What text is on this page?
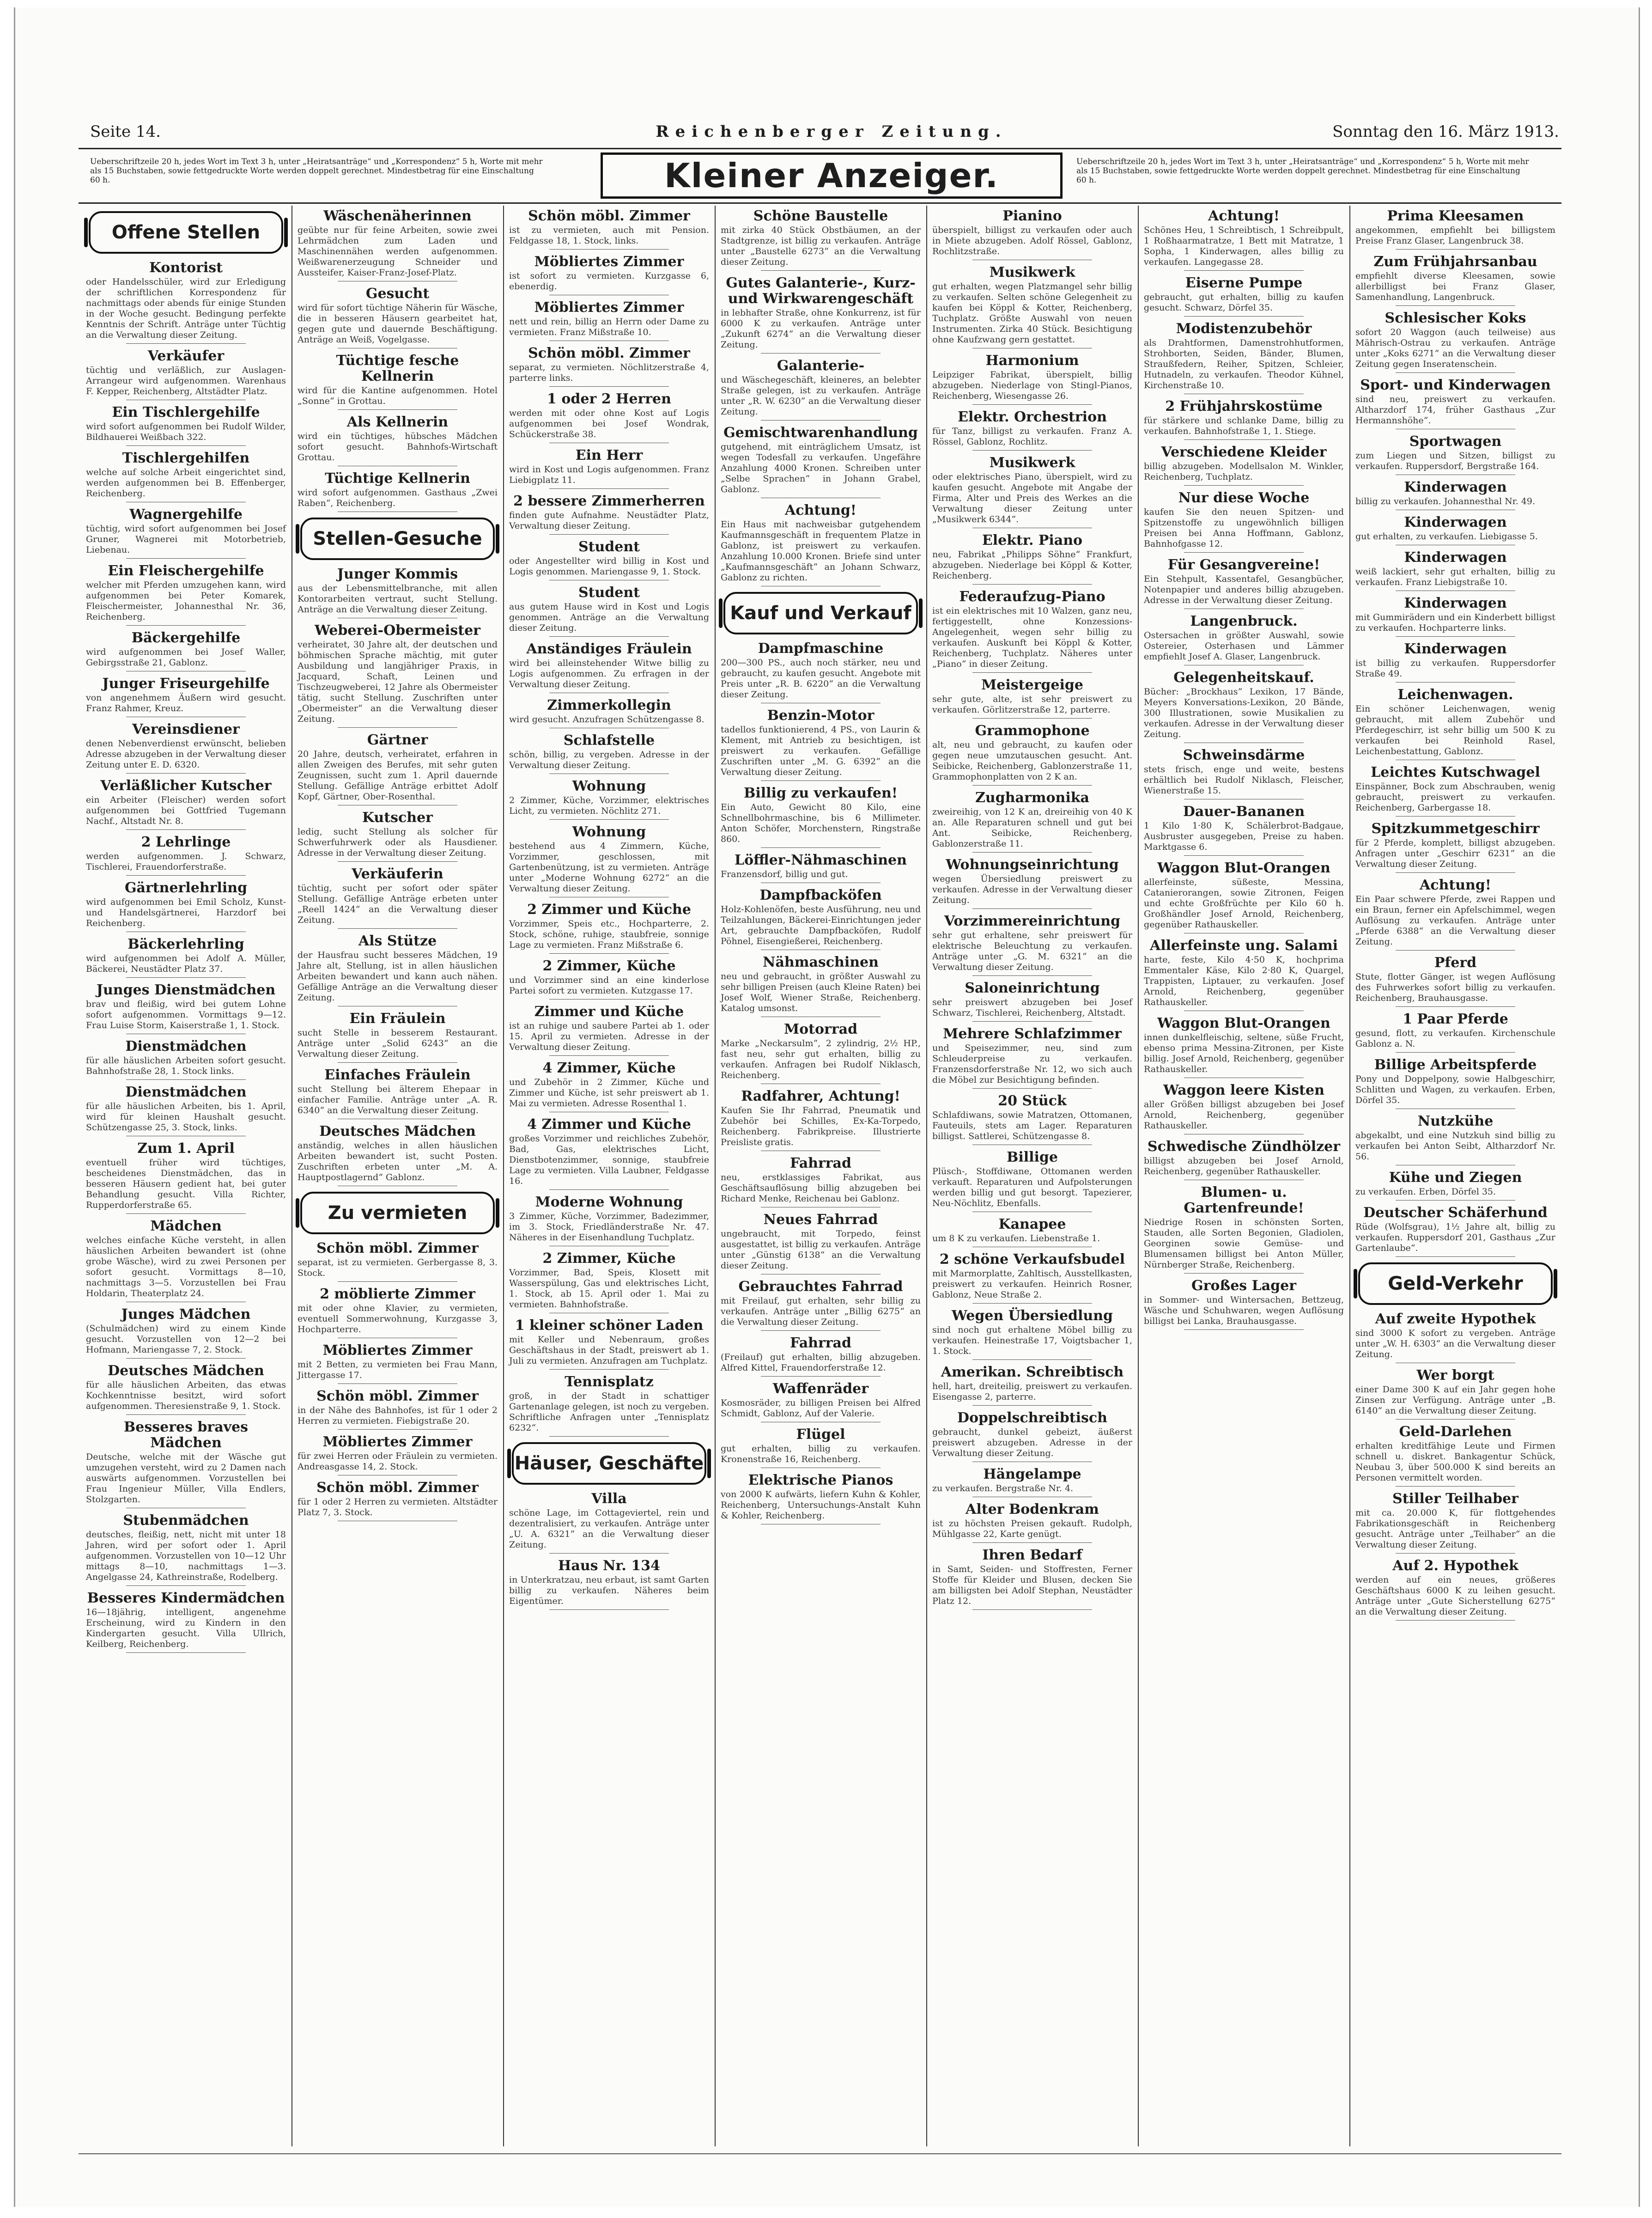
Seite 14.	Reichenberger Zeitung.	Sonntag den 16. März 1913.
Ueberschriftzeile 20 h, jedes Wort im Text 3 h, unter „Heiratsanträge“ und „Korrespondenz“ 5 h, Worte mit mehr als 15 Buchstaben, sowie fettgedruckte Worte werden doppelt gerechnet. Mindestbetrag für eine Einschaltung 60 h.	Kleiner Anzeiger.	Ueberschriftzeile 20 h, jedes Wort im Text 3 h, unter „Heiratsanträge“ und „Korrespondenz“ 5 h, Worte mit mehr als 15 Buchstaben, sowie fettgedruckte Worte werden doppelt gerechnet. Mindestbetrag für eine Einschaltung 60 h.
Offene Stellen
Kontorist

oder Handelsschüler, wird zur Erledigung der schriftlichen Korrespondenz für nachmittags oder abends für einige Stunden in der Woche gesucht. Bedingung perfekte Kenntnis der Schrift. Anträge unter Tüchtig an die Verwaltung dieser Zeitung.

Verkäufer

tüchtig und verläßlich, zur Auslagen-Arrangeur wird aufgenommen. Warenhaus F. Kepper, Reichenberg, Altstädter Platz.

Ein Tischlergehilfe

wird sofort aufgenommen bei Rudolf Wilder, Bildhauerei Weißbach 322.

Tischlergehilfen

welche auf solche Arbeit eingerichtet sind, werden aufgenommen bei B. Effenberger, Reichenberg.

Wagnergehilfe

tüchtig, wird sofort aufgenommen bei Josef Gruner, Wagnerei mit Motorbetrieb, Liebenau.

Ein Fleischergehilfe

welcher mit Pferden umzugehen kann, wird aufgenommen bei Peter Komarek, Fleischermeister, Johannesthal Nr. 36, Reichenberg.

Bäckergehilfe

wird aufgenommen bei Josef Waller, Gebirgsstraße 21, Gablonz.

Junger Friseurgehilfe

von angenehmem Äußern wird gesucht. Franz Rahmer, Kreuz.

Vereinsdiener

denen Nebenverdienst erwünscht, belieben Adresse abzugeben in der Verwaltung dieser Zeitung unter E. D. 6320.

Verläßlicher Kutscher

ein Arbeiter (Fleischer) werden sofort aufgenommen bei Gottfried Tugemann Nachf., Altstadt Nr. 8.

2 Lehrlinge

werden aufgenommen. J. Schwarz, Tischlerei, Frauendorferstraße.

Gärtnerlehrling

wird aufgenommen bei Emil Scholz, Kunst- und Handelsgärtnerei, Harzdorf bei Reichenberg.

Bäckerlehrling

wird aufgenommen bei Adolf A. Müller, Bäckerei, Neustädter Platz 37.

Junges Dienstmädchen

brav und fleißig, wird bei gutem Lohne sofort aufgenommen. Vormittags 9—12. Frau Luise Storm, Kaiserstraße 1, 1. Stock.

Dienstmädchen

für alle häuslichen Arbeiten sofort gesucht. Bahnhofstraße 28, 1. Stock links.

Dienstmädchen

für alle häuslichen Arbeiten, bis 1. April, wird für kleinen Haushalt gesucht. Schützengasse 25, 3. Stock, links.

Zum 1. April

eventuell früher wird tüchtiges, bescheidenes Dienstmädchen, das in besseren Häusern gedient hat, bei guter Behandlung gesucht. Villa Richter, Rupperdorferstraße 65.

Mädchen

welches einfache Küche versteht, in allen häuslichen Arbeiten bewandert ist (ohne grobe Wäsche), wird zu zwei Personen per sofort gesucht. Vormittags 8—10, nachmittags 3—5. Vorzustellen bei Frau Holdarin, Theaterplatz 24.

Junges Mädchen

(Schulmädchen) wird zu einem Kinde gesucht. Vorzustellen von 12—2 bei Hofmann, Mariengasse 7, 2. Stock.

Deutsches Mädchen

für alle häuslichen Arbeiten, das etwas Kochkenntnisse besitzt, wird sofort aufgenommen. Theresienstraße 9, 1. Stock.

Besseres braves Mädchen

Deutsche, welche mit der Wäsche gut umzugehen versteht, wird zu 2 Damen nach auswärts aufgenommen. Vorzustellen bei Frau Ingenieur Müller, Villa Endlers, Stolzgarten.

Stubenmädchen

deutsches, fleißig, nett, nicht mit unter 18 Jahren, wird per sofort oder 1. April aufgenommen. Vorzustellen von 10—12 Uhr mittags 8—10, nachmittags 1—3. Angelgasse 24, Kathreinstraße, Rodelberg.

Besseres Kindermädchen

16—18jährig, intelligent, angenehme Erscheinung, wird zu Kindern in den Kindergarten gesucht. Villa Ullrich, Keilberg, Reichenberg.

Wäschenäherinnen

geübte nur für feine Arbeiten, sowie zwei Lehrmädchen zum Laden und Maschinennähen werden aufgenommen. Weißwarenerzeugung Schneider und Aussteifer, Kaiser-Franz-Josef-Platz.

Gesucht

wird für sofort tüchtige Näherin für Wäsche, die in besseren Häusern gearbeitet hat, gegen gute und dauernde Beschäftigung. Anträge an Weiß, Vogelgasse.

Tüchtige fesche Kellnerin

wird für die Kantine aufgenommen. Hotel „Sonne“ in Grottau.

Als Kellnerin

wird ein tüchtiges, hübsches Mädchen sofort gesucht. Bahnhofs-Wirtschaft Grottau.

Tüchtige Kellnerin

wird sofort aufgenommen. Gasthaus „Zwei Raben“, Reichenberg.

Stellen-Gesuche
Junger Kommis

aus der Lebensmittelbranche, mit allen Kontorarbeiten vertraut, sucht Stellung. Anträge an die Verwaltung dieser Zeitung.

Weberei-Obermeister

verheiratet, 30 Jahre alt, der deutschen und böhmischen Sprache mächtig, mit guter Ausbildung und langjähriger Praxis, in Jacquard, Schaft, Leinen und Tischzeugweberei, 12 Jahre als Obermeister tätig, sucht Stellung. Zuschriften unter „Obermeister“ an die Verwaltung dieser Zeitung.

Gärtner

20 Jahre, deutsch, verheiratet, erfahren in allen Zweigen des Berufes, mit sehr guten Zeugnissen, sucht zum 1. April dauernde Stellung. Gefällige Anträge erbittet Adolf Kopf, Gärtner, Ober-Rosenthal.

Kutscher

ledig, sucht Stellung als solcher für Schwerfuhrwerk oder als Hausdiener. Adresse in der Verwaltung dieser Zeitung.

Verkäuferin

tüchtig, sucht per sofort oder später Stellung. Gefällige Anträge erbeten unter „Reell 1424“ an die Verwaltung dieser Zeitung.

Als Stütze

der Hausfrau sucht besseres Mädchen, 19 Jahre alt, Stellung, ist in allen häuslichen Arbeiten bewandert und kann auch nähen. Gefällige Anträge an die Verwaltung dieser Zeitung.

Ein Fräulein

sucht Stelle in besserem Restaurant. Anträge unter „Solid 6243“ an die Verwaltung dieser Zeitung.

Einfaches Fräulein

sucht Stellung bei älterem Ehepaar in einfacher Familie. Anträge unter „A. R. 6340“ an die Verwaltung dieser Zeitung.

Deutsches Mädchen

anständig, welches in allen häuslichen Arbeiten bewandert ist, sucht Posten. Zuschriften erbeten unter „M. A. Hauptpostlagernd“ Gablonz.

Zu vermieten
Schön möbl. Zimmer

separat, ist zu vermieten. Gerbergasse 8, 3. Stock.

2 möblierte Zimmer

mit oder ohne Klavier, zu vermieten, eventuell Sommerwohnung, Kurzgasse 3, Hochparterre.

Möbliertes Zimmer

mit 2 Betten, zu vermieten bei Frau Mann, Jittergasse 17.

Schön möbl. Zimmer

in der Nähe des Bahnhofes, ist für 1 oder 2 Herren zu vermieten. Fiebigstraße 20.

Möbliertes Zimmer

für zwei Herren oder Fräulein zu vermieten. Andreasgasse 14, 2. Stock.

Schön möbl. Zimmer

für 1 oder 2 Herren zu vermieten. Altstädter Platz 7, 3. Stock.

Schön möbl. Zimmer

ist zu vermieten, auch mit Pension. Feldgasse 18, 1. Stock, links.

Möbliertes Zimmer

ist sofort zu vermieten. Kurzgasse 6, ebenerdig.

Möbliertes Zimmer

nett und rein, billig an Herrn oder Dame zu vermieten. Franz Mißstraße 10.

Schön möbl. Zimmer

separat, zu vermieten. Nöchlitzerstraße 4, parterre links.

1 oder 2 Herren

werden mit oder ohne Kost auf Logis aufgenommen bei Josef Wondrak, Schückerstraße 38.

Ein Herr

wird in Kost und Logis aufgenommen. Franz Liebigplatz 11.

2 bessere Zimmerherren

finden gute Aufnahme. Neustädter Platz, Verwaltung dieser Zeitung.

Student

oder Angestellter wird billig in Kost und Logis genommen. Mariengasse 9, 1. Stock.

Student

aus gutem Hause wird in Kost und Logis genommen. Anträge an die Verwaltung dieser Zeitung.

Anständiges Fräulein

wird bei alleinstehender Witwe billig zu Logis aufgenommen. Zu erfragen in der Verwaltung dieser Zeitung.

Zimmerkollegin

wird gesucht. Anzufragen Schützengasse 8.

Schlafstelle

schön, billig, zu vergeben. Adresse in der Verwaltung dieser Zeitung.

Wohnung

2 Zimmer, Küche, Vorzimmer, elektrisches Licht, zu vermieten. Nöchlitz 271.

Wohnung

bestehend aus 4 Zimmern, Küche, Vorzimmer, geschlossen, mit Gartenbenützung, ist zu vermieten. Anträge unter „Moderne Wohnung 6272“ an die Verwaltung dieser Zeitung.

2 Zimmer und Küche

Vorzimmer, Speis etc., Hochparterre, 2. Stock, schöne, ruhige, staubfreie, sonnige Lage zu vermieten. Franz Mißstraße 6.

2 Zimmer, Küche

und Vorzimmer sind an eine kinderlose Partei sofort zu vermieten. Kutzgasse 17.

Zimmer und Küche

ist an ruhige und saubere Partei ab 1. oder 15. April zu vermieten. Adresse in der Verwaltung dieser Zeitung.

4 Zimmer, Küche

und Zubehör in 2 Zimmer, Küche und Zimmer und Küche, ist sehr preiswert ab 1. Mai zu vermieten. Adresse Rosenthal 1.

4 Zimmer und Küche

großes Vorzimmer und reichliches Zubehör, Bad, Gas, elektrisches Licht, Dienstbotenzimmer, sonnige, staubfreie Lage zu vermieten. Villa Laubner, Feldgasse 16.

Moderne Wohnung

3 Zimmer, Küche, Vorzimmer, Badezimmer, im 3. Stock, Friedländerstraße Nr. 47. Näheres in der Eisenhandlung Tuchplatz.

2 Zimmer, Küche

Vorzimmer, Bad, Speis, Klosett mit Wasserspülung, Gas und elektrisches Licht, 1. Stock, ab 15. April oder 1. Mai zu vermieten. Bahnhofstraße.

1 kleiner schöner Laden

mit Keller und Nebenraum, großes Geschäftshaus in der Stadt, preiswert ab 1. Juli zu vermieten. Anzufragen am Tuchplatz.

Tennisplatz

groß, in der Stadt in schattiger Gartenanlage gelegen, ist noch zu vergeben. Schriftliche Anfragen unter „Tennisplatz 6232“.

Häuser, Geschäfte
Villa

schöne Lage, im Cottageviertel, rein und dezentralisiert, zu verkaufen. Anträge unter „U. A. 6321“ an die Verwaltung dieser Zeitung.

Haus Nr. 134

in Unterkratzau, neu erbaut, ist samt Garten billig zu verkaufen. Näheres beim Eigentümer.

Schöne Baustelle

mit zirka 40 Stück Obstbäumen, an der Stadtgrenze, ist billig zu verkaufen. Anträge unter „Baustelle 6273“ an die Verwaltung dieser Zeitung.

Gutes Galanterie-, Kurz- und Wirkwarengeschäft

in lebhafter Straße, ohne Konkurrenz, ist für 6000 K zu verkaufen. Anträge unter „Zukunft 6274“ an die Verwaltung dieser Zeitung.

Galanterie-

und Wäschegeschäft, kleineres, an belebter Straße gelegen, ist zu verkaufen. Anträge unter „R. W. 6230“ an die Verwaltung dieser Zeitung.

Gemischtwarenhandlung

gutgehend, mit einträglichem Umsatz, ist wegen Todesfall zu verkaufen. Ungefähre Anzahlung 4000 Kronen. Schreiben unter „Selbe Sprachen“ in Johann Grabel, Gablonz.

Achtung!

Ein Haus mit nachweisbar gutgehendem Kaufmannsgeschäft in frequentem Platze in Gablonz, ist preiswert zu verkaufen. Anzahlung 10.000 Kronen. Briefe sind unter „Kaufmannsgeschäft“ an Johann Schwarz, Gablonz zu richten.

Kauf und Verkauf
Dampfmaschine

200—300 PS., auch noch stärker, neu und gebraucht, zu kaufen gesucht. Angebote mit Preis unter „R. B. 6220“ an die Verwaltung dieser Zeitung.

Benzin-Motor

tadellos funktionierend, 4 PS., von Laurin & Klement, mit Antrieb zu besichtigen, ist preiswert zu verkaufen. Gefällige Zuschriften unter „M. G. 6392“ an die Verwaltung dieser Zeitung.

Billig zu verkaufen!

Ein Auto, Gewicht 80 Kilo, eine Schnellbohrmaschine, bis 6 Millimeter. Anton Schöfer, Morchenstern, Ringstraße 860.

Löffler-Nähmaschinen

Franzensdorf, billig und gut.

Dampfbacköfen

Holz-Kohlenöfen, beste Ausführung, neu und Teilzahlungen, Bäckerei-Einrichtungen jeder Art, gebrauchte Dampfbacköfen, Rudolf Pöhnel, Eisengießerei, Reichenberg.

Nähmaschinen

neu und gebraucht, in größter Auswahl zu sehr billigen Preisen (auch Kleine Raten) bei Josef Wolf, Wiener Straße, Reichenberg. Katalog umsonst.

Motorrad

Marke „Neckarsulm“, 2 zylindrig, 2½ HP., fast neu, sehr gut erhalten, billig zu verkaufen. Anfragen bei Rudolf Niklasch, Reichenberg.

Radfahrer, Achtung!

Kaufen Sie Ihr Fahrrad, Pneumatik und Zubehör bei Schilles, Ex-Ka-Torpedo, Reichenberg. Fabrikpreise. Illustrierte Preisliste gratis.

Fahrrad

neu, erstklassiges Fabrikat, aus Geschäftsauflösung billig abzugeben bei Richard Menke, Reichenau bei Gablonz.

Neues Fahrrad

ungebraucht, mit Torpedo, feinst ausgestattet, ist billig zu verkaufen. Anträge unter „Günstig 6138“ an die Verwaltung dieser Zeitung.

Gebrauchtes Fahrrad

mit Freilauf, gut erhalten, sehr billig zu verkaufen. Anträge unter „Billig 6275“ an die Verwaltung dieser Zeitung.

Fahrrad

(Freilauf) gut erhalten, billig abzugeben. Alfred Kittel, Frauendorferstraße 12.

Waffenräder

Kosmosräder, zu billigen Preisen bei Alfred Schmidt, Gablonz, Auf der Valerie.

Flügel

gut erhalten, billig zu verkaufen. Kronenstraße 16, Reichenberg.

Elektrische Pianos

von 2000 K aufwärts, liefern Kuhn & Kohler, Reichenberg, Untersuchungs-Anstalt Kuhn & Kohler, Reichenberg.

Pianino

überspielt, billigst zu verkaufen oder auch in Miete abzugeben. Adolf Rössel, Gablonz, Rochlitzstraße.

Musikwerk

gut erhalten, wegen Platzmangel sehr billig zu verkaufen. Selten schöne Gelegenheit zu kaufen bei Köppl & Kotter, Reichenberg, Tuchplatz. Größte Auswahl von neuen Instrumenten. Zirka 40 Stück. Besichtigung ohne Kaufzwang gern gestattet.

Harmonium

Leipziger Fabrikat, überspielt, billig abzugeben. Niederlage von Stingl-Pianos, Reichenberg, Wiesengasse 26.

Elektr. Orchestrion

für Tanz, billigst zu verkaufen. Franz A. Rössel, Gablonz, Rochlitz.

Musikwerk

oder elektrisches Piano, überspielt, wird zu kaufen gesucht. Angebote mit Angabe der Firma, Alter und Preis des Werkes an die Verwaltung dieser Zeitung unter „Musikwerk 6344“.

Elektr. Piano

neu, Fabrikat „Philipps Söhne“ Frankfurt, abzugeben. Niederlage bei Köppl & Kotter, Reichenberg.

Federaufzug-Piano

ist ein elektrisches mit 10 Walzen, ganz neu, fertiggestellt, ohne Konzessions-Angelegenheit, wegen sehr billig zu verkaufen. Auskunft bei Köppl & Kotter, Reichenberg, Tuchplatz. Näheres unter „Piano“ in dieser Zeitung.

Meistergeige

sehr gute, alte, ist sehr preiswert zu verkaufen. Görlitzerstraße 12, parterre.

Grammophone

alt, neu und gebraucht, zu kaufen oder gegen neue umzutauschen gesucht. Ant. Seibicke, Reichenberg, Gablonzerstraße 11, Grammophonplatten von 2 K an.

Zugharmonika

zweireihig, von 12 K an, dreireihig von 40 K an. Alle Reparaturen schnell und gut bei Ant. Seibicke, Reichenberg, Gablonzerstraße 11.

Wohnungseinrichtung

wegen Übersiedlung preiswert zu verkaufen. Adresse in der Verwaltung dieser Zeitung.

Vorzimmereinrichtung

sehr gut erhaltene, sehr preiswert für elektrische Beleuchtung zu verkaufen. Anträge unter „G. M. 6321“ an die Verwaltung dieser Zeitung.

Saloneinrichtung

sehr preiswert abzugeben bei Josef Schwarz, Tischlerei, Reichenberg, Altstadt.

Mehrere Schlafzimmer

und Speisezimmer, neu, sind zum Schleuderpreise zu verkaufen. Franzensdorferstraße Nr. 12, wo sich auch die Möbel zur Besichtigung befinden.

20 Stück

Schlafdiwans, sowie Matratzen, Ottomanen, Fauteuils, stets am Lager. Reparaturen billigst. Sattlerei, Schützengasse 8.

Billige

Plüsch-, Stoffdiwane, Ottomanen werden verkauft. Reparaturen und Aufpolsterungen werden billig und gut besorgt. Tapezierer, Neu-Nöchlitz, Ebenfalls.

Kanapee

um 8 K zu verkaufen. Liebenstraße 1.

2 schöne Verkaufsbudel

mit Marmorplatte, Zahltisch, Ausstellkasten, preiswert zu verkaufen. Heinrich Rosner, Gablonz, Neue Straße 2.

Wegen Übersiedlung

sind noch gut erhaltene Möbel billig zu verkaufen. Heinestraße 17, Voigtsbacher 1, 1. Stock.

Amerikan. Schreibtisch

hell, hart, dreiteilig, preiswert zu verkaufen. Eisengasse 2, parterre.

Doppelschreibtisch

gebraucht, dunkel gebeizt, äußerst preiswert abzugeben. Adresse in der Verwaltung dieser Zeitung.

Hängelampe

zu verkaufen. Bergstraße Nr. 4.

Alter Bodenkram

ist zu höchsten Preisen gekauft. Rudolph, Mühlgasse 22, Karte genügt.

Ihren Bedarf

in Samt, Seiden- und Stoffresten, Ferner Stoffe für Kleider und Blusen, decken Sie am billigsten bei Adolf Stephan, Neustädter Platz 12.

Achtung!

Schönes Heu, 1 Schreibtisch, 1 Schreibpult, 1 Roßhaarmatratze, 1 Bett mit Matratze, 1 Sopha, 1 Kinderwagen, alles billig zu verkaufen. Langegasse 28.

Eiserne Pumpe

gebraucht, gut erhalten, billig zu kaufen gesucht. Schwarz, Dörfel 35.

Modistenzubehör

als Drahtformen, Damenstrohhutformen, Strohborten, Seiden, Bänder, Blumen, Straußfedern, Reiher, Spitzen, Schleier, Hutnadeln, zu verkaufen. Theodor Kühnel, Kirchenstraße 10.

2 Frühjahrskostüme

für stärkere und schlanke Dame, billig zu verkaufen. Bahnhofstraße 1, 1. Stiege.

Verschiedene Kleider

billig abzugeben. Modellsalon M. Winkler, Reichenberg, Tuchplatz.

Nur diese Woche

kaufen Sie den neuen Spitzen- und Spitzenstoffe zu ungewöhnlich billigen Preisen bei Anna Hoffmann, Gablonz, Bahnhofgasse 12.

Für Gesangvereine!

Ein Stehpult, Kassentafel, Gesangbücher, Notenpapier und anderes billig abzugeben. Adresse in der Verwaltung dieser Zeitung.

Langenbruck.

Ostersachen in größter Auswahl, sowie Ostereier, Osterhasen und Lämmer empfiehlt Josef A. Glaser, Langenbruck.

Gelegenheitskauf.

Bücher: „Brockhaus“ Lexikon, 17 Bände, Meyers Konversations-Lexikon, 20 Bände, 300 Illustrationen, sowie Musikalien zu verkaufen. Adresse in der Verwaltung dieser Zeitung.

Schweinsdärme

stets frisch, enge und weite, bestens erhältlich bei Rudolf Niklasch, Fleischer, Wienerstraße 15.

Dauer-Bananen

1 Kilo 1·80 K, Schälerbrot-Badgaue, Ausbruster ausgegeben, Preise zu haben. Marktgasse 6.

Waggon Blut-Orangen

allerfeinste, süßeste, Messina, Catanierorangen, sowie Zitronen, Feigen und echte Großfrüchte per Kilo 60 h. Großhändler Josef Arnold, Reichenberg, gegenüber Rathauskeller.

Allerfeinste ung. Salami

harte, feste, Kilo 4·50 K, hochprima Emmentaler Käse, Kilo 2·80 K, Quargel, Trappisten, Liptauer, zu verkaufen. Josef Arnold, Reichenberg, gegenüber Rathauskeller.

Waggon Blut-Orangen

innen dunkelfleischig, seltene, süße Frucht, ebenso prima Messina-Zitronen, per Kiste billig. Josef Arnold, Reichenberg, gegenüber Rathauskeller.

Waggon leere Kisten

aller Größen billigst abzugeben bei Josef Arnold, Reichenberg, gegenüber Rathauskeller.

Schwedische Zündhölzer

billigst abzugeben bei Josef Arnold, Reichenberg, gegenüber Rathauskeller.

Blumen- u. Gartenfreunde!

Niedrige Rosen in schönsten Sorten, Stauden, alle Sorten Begonien, Gladiolen, Georginen sowie Gemüse- und Blumensamen billigst bei Anton Müller, Nürnberger Straße, Reichenberg.

Großes Lager

in Sommer- und Wintersachen, Bettzeug, Wäsche und Schuhwaren, wegen Auflösung billigst bei Lanka, Brauhausgasse.

Prima Kleesamen

angekommen, empfiehlt bei billigstem Preise Franz Glaser, Langenbruck 38.

Zum Frühjahrsanbau

empfiehlt diverse Kleesamen, sowie allerbilligst bei Franz Glaser, Samenhandlung, Langenbruck.

Schlesischer Koks

sofort 20 Waggon (auch teilweise) aus Mährisch-Ostrau zu verkaufen. Anträge unter „Koks 6271“ an die Verwaltung dieser Zeitung gegen Inseratenschein.

Sport- und Kinderwagen

sind neu, preiswert zu verkaufen. Altharzdorf 174, früher Gasthaus „Zur Hermannshöhe“.

Sportwagen

zum Liegen und Sitzen, billigst zu verkaufen. Ruppersdorf, Bergstraße 164.

Kinderwagen

billig zu verkaufen. Johannesthal Nr. 49.

Kinderwagen

gut erhalten, zu verkaufen. Liebigasse 5.

Kinderwagen

weiß lackiert, sehr gut erhalten, billig zu verkaufen. Franz Liebigstraße 10.

Kinderwagen

mit Gummirädern und ein Kinderbett billigst zu verkaufen. Hochparterre links.

Kinderwagen

ist billig zu verkaufen. Ruppersdorfer Straße 49.

Leichenwagen.

Ein schöner Leichenwagen, wenig gebraucht, mit allem Zubehör und Pferdegeschirr, ist sehr billig um 500 K zu verkaufen bei Reinhold Rasel, Leichenbestattung, Gablonz.

Leichtes Kutschwagel

Einspänner, Bock zum Abschrauben, wenig gebraucht, preiswert zu verkaufen. Reichenberg, Garbergasse 18.

Spitzkummetgeschirr

für 2 Pferde, komplett, billigst abzugeben. Anfragen unter „Geschirr 6231“ an die Verwaltung dieser Zeitung.

Achtung!

Ein Paar schwere Pferde, zwei Rappen und ein Braun, ferner ein Apfelschimmel, wegen Auflösung zu verkaufen. Anträge unter „Pferde 6388“ an die Verwaltung dieser Zeitung.

Pferd

Stute, flotter Gänger, ist wegen Auflösung des Fuhrwerkes sofort billig zu verkaufen. Reichenberg, Brauhausgasse.

1 Paar Pferde

gesund, flott, zu verkaufen. Kirchenschule Gablonz a. N.

Billige Arbeitspferde

Pony und Doppelpony, sowie Halbgeschirr, Schlitten und Wagen, zu verkaufen. Erben, Dörfel 35.

Nutzkühe

abgekalbt, und eine Nutzkuh sind billig zu verkaufen bei Anton Seibt, Altharzdorf Nr. 56.

Kühe und Ziegen

zu verkaufen. Erben, Dörfel 35.

Deutscher Schäferhund

Rüde (Wolfsgrau), 1½ Jahre alt, billig zu verkaufen. Ruppersdorf 201, Gasthaus „Zur Gartenlaube“.

Geld-Verkehr
Auf zweite Hypothek

sind 3000 K sofort zu vergeben. Anträge unter „W. H. 6303“ an die Verwaltung dieser Zeitung.

Wer borgt

einer Dame 300 K auf ein Jahr gegen hohe Zinsen zur Verfügung. Anträge unter „B. 6140“ an die Verwaltung dieser Zeitung.

Geld-Darlehen

erhalten kreditfähige Leute und Firmen schnell u. diskret. Bankagentur Schück, Neubau 3, über 500.000 K sind bereits an Personen vermittelt worden.

Stiller Teilhaber

mit ca. 20.000 K, für flottgehendes Fabrikationsgeschäft in Reichenberg gesucht. Anträge unter „Teilhaber“ an die Verwaltung dieser Zeitung.

Auf 2. Hypothek

werden auf ein neues, größeres Geschäftshaus 6000 K zu leihen gesucht. Anträge unter „Gute Sicherstellung 6275“ an die Verwaltung dieser Zeitung.
